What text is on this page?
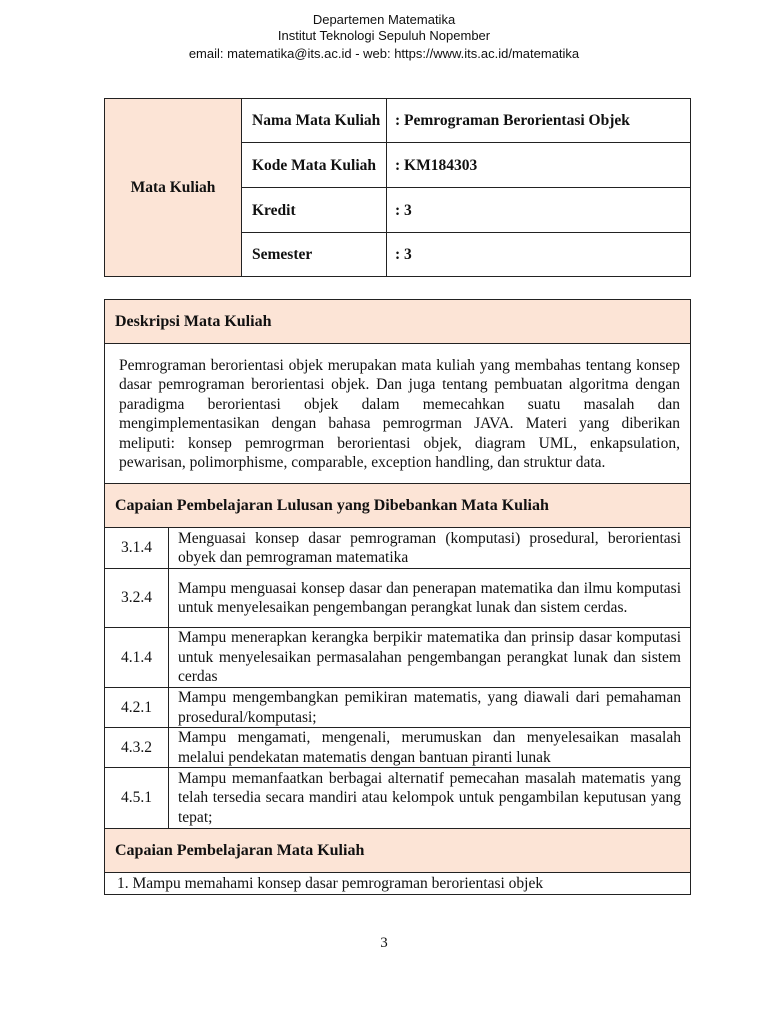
Departemen Matematika
Institut Teknologi Sepuluh Nopember
email: matematika@its.ac.id - web: https://www.its.ac.id/matematika
Mata Kuliah	Nama Mata Kuliah	: Pemrograman Berorientasi Objek
	Kode Mata Kuliah	: KM184303
	Kredit	: 3
	Semester	: 3
Deskripsi Mata Kuliah	
Pemrograman berorientasi objek merupakan mata kuliah yang membahas tentang konsep dasar pemrograman berorientasi objek. Dan juga tentang pembuatan algoritma dengan paradigma berorientasi objek dalam memecahkan suatu masalah dan mengimplementasikan dengan bahasa pemrogrman JAVA. Materi yang diberikan meliputi: konsep pemrogrman berorientasi objek, diagram UML, enkapsulation, pewarisan, polimorphisme, comparable, exception handling, dan struktur data.	
Capaian Pembelajaran Lulusan yang Dibebankan Mata Kuliah	
3.1.4	Menguasai konsep dasar pemrograman (komputasi) prosedural, berorientasi obyek dan pemrograman matematika
3.2.4	Mampu menguasai konsep dasar dan penerapan matematika dan ilmu komputasi untuk menyelesaikan pengembangan perangkat lunak dan sistem cerdas.
4.1.4	Mampu menerapkan kerangka berpikir matematika dan prinsip dasar komputasi untuk menyelesaikan permasalahan pengembangan perangkat lunak dan sistem cerdas
4.2.1	Mampu mengembangkan pemikiran matematis, yang diawali dari pemahaman prosedural/komputasi;
4.3.2	Mampu mengamati, mengenali, merumuskan dan menyelesaikan masalah melalui pendekatan matematis dengan bantuan piranti lunak
4.5.1	Mampu memanfaatkan berbagai alternatif pemecahan masalah matematis yang telah tersedia secara mandiri atau kelompok untuk pengambilan keputusan yang tepat;
Capaian Pembelajaran Mata Kuliah	
1. Mampu memahami konsep dasar pemrograman berorientasi objek	
3
